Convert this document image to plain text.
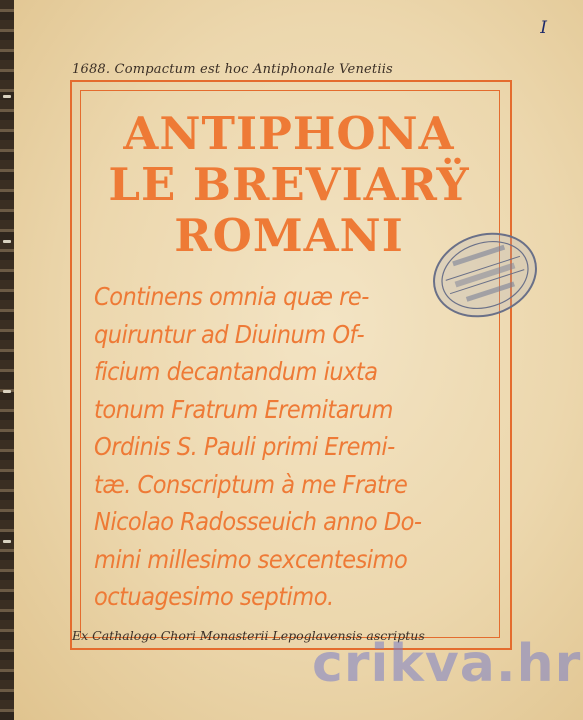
I
1688. Compactum est hoc Antiphonale Venetiis
ANTIPHONA
LE BREVIARŸ
ROMANI
Continens omnia quæ re-
quiruntur ad Diuinum Of-
ficium decantandum iuxta
tonum Fratrum Eremitarum
Ordinis S. Pauli primi Eremi-
tæ. Conscriptum à me Fratre
Nicolao Radosseuich anno Do-
mini millesimo sexcentesimo
octuagesimo septimo.
Ex Cathalogo Chori Monasterii Lepoglavensis ascriptus
crikva.hr
